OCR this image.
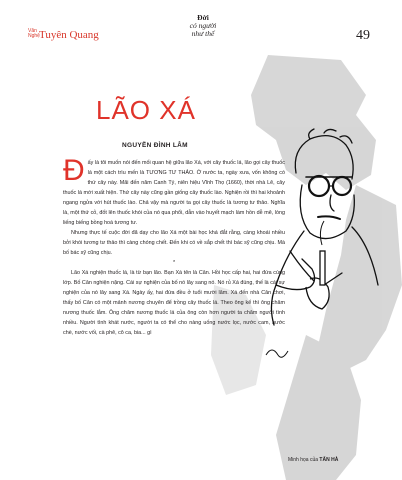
Văn Nghệ Tuyên Quang
Đời
có người
như thế	49
LÃO XÁ
NGUYỄN ĐÌNH LÂM
Minh họa của TẤN HÀ
Đ ấy là tôi muốn nói đến mối quan hệ giữa lão Xá, với cây thuốc lá, lão gọi cây thuốc lá một cách trìu mến là TƯƠNG TƯ THẢO. Ở nước ta, ngày xưa, vốn không có thứ cây này. Mãi đến năm Canh Tý, niên hiệu Vĩnh Thọ (1660), thời nhà Lê, cây thuốc lá mới xuất hiện. Thứ cây này cũng gần giống cây thuốc lào. Nghiện rồi thì hai khoảnh ngang ngửa với hút thuốc lào. Chả vậy mà người ta gọi cây thuốc là tương tư thảo. Nghĩa là, một thứ cỏ, đốt lên thuốc khói của nó qua phổi, dẫn vào huyết mạch làm hồn dễ mê, lòng liếng biếng bồng hoá tương tư.

Nhưng thực tế cuộc đời đã dạy cho lão Xá một bài học khá đắt rằng, càng khoái nhiều bởi khói tương tư thảo thì càng chóng chết. Đến khi có về sắp chết thì bác sỹ cũng chịu. Mà bố bác sỹ cũng chịu.

*

Lão Xá nghiện thuốc lá, là từ bạn lão. Bạn Xá tên là Cân. Hồi học cấp hai, hai đứa cùng lớp. Bố Cân nghiện nặng. Cái sự nghiện của bố nó lây sang nó. Nó rủ Xá đúng, thế là cái sự nghiện của nó lây sang Xá. Ngày ấy, hai đứa đều ở tuổi mười lăm. Xá đến nhà Cân chơi, thấy bố Cân có một mảnh nương chuyên để trồng cây thuốc lá. Theo ông kể thì ông chăm nương thuốc lắm. Ông chăm nương thuốc lá của ông còn hơn người ta chăm người tình nhiều. Người tình khát nước, người ta có thể cho nàng uống nước lọc, nước cam, nước chè, nước vối, cà phê, cô ca, bia... gì
